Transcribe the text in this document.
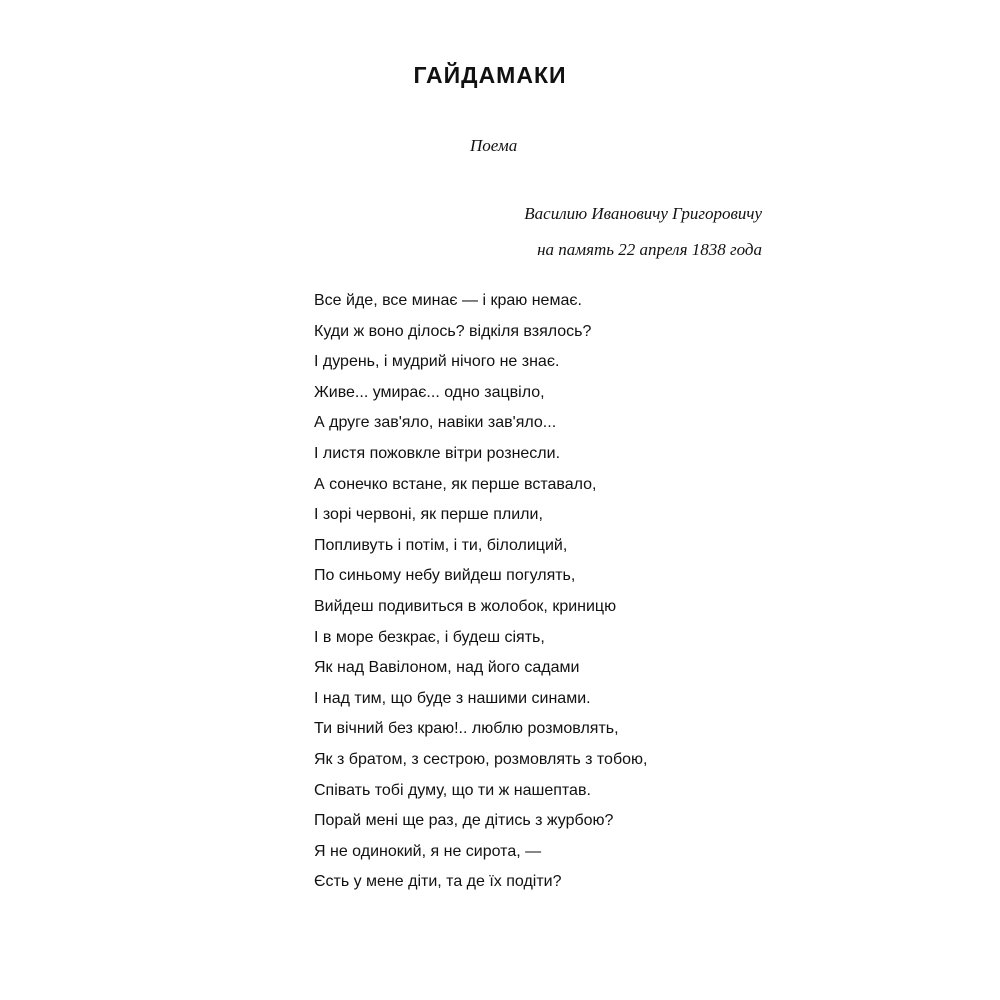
ГАЙДАМАКИ

Поема

Василию Ивановичу Григоровичу
на память 22 апреля 1838 года
Все йде, все минає — і краю немає.
Куди ж воно ділось? відкіля взялось?
І дурень, і мудрий нічого не знає.
Живе... умирає... одно зацвіло,
А друге зав'яло, навіки зав'яло...
І листя пожовкле вітри рознесли.
А сонечко встане, як перше вставало,
І зорі червоні, як перше плили,
Попливуть і потім, і ти, білолиций,
По синьому небу вийдеш погулять,
Вийдеш подивиться в жолобок, криницю
І в море безкрає, і будеш сіять,
Як над Вавілоном, над його садами
І над тим, що буде з нашими синами.
Ти вічний без краю!.. люблю розмовлять,
Як з братом, з сестрою, розмовлять з тобою,
Співать тобі думу, що ти ж нашептав.
Порай мені ще раз, де дітись з журбою?
Я не одинокий, я не сирота, —
Єсть у мене діти, та де їх подіти?
